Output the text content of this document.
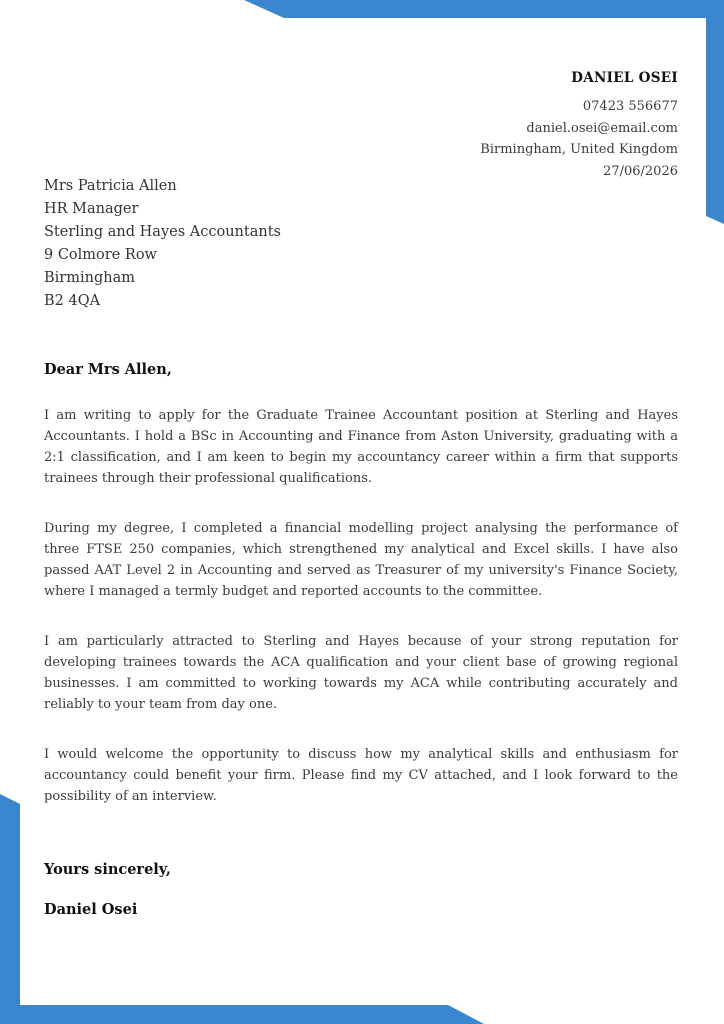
DANIEL OSEI
07423 556677
daniel.osei@email.com
Birmingham, United Kingdom
27/06/2026
Mrs Patricia Allen
HR Manager
Sterling and Hayes Accountants
9 Colmore Row
Birmingham
B2 4QA
Dear Mrs Allen,

I am writing to apply for the Graduate Trainee Accountant position at Sterling and Hayes Accountants. I hold a BSc in Accounting and Finance from Aston University, graduating with a 2:1 classification, and I am keen to begin my accountancy career within a firm that supports trainees through their professional qualifications.

During my degree, I completed a financial modelling project analysing the performance of three FTSE 250 companies, which strengthened my analytical and Excel skills. I have also passed AAT Level 2 in Accounting and served as Treasurer of my university's Finance Society, where I managed a termly budget and reported accounts to the committee.

I am particularly attracted to Sterling and Hayes because of your strong reputation for developing trainees towards the ACA qualification and your client base of growing regional businesses. I am committed to working towards my ACA while contributing accurately and reliably to your team from day one.

I would welcome the opportunity to discuss how my analytical skills and enthusiasm for accountancy could benefit your firm. Please find my CV attached, and I look forward to the possibility of an interview.

Yours sincerely,
Daniel Osei
